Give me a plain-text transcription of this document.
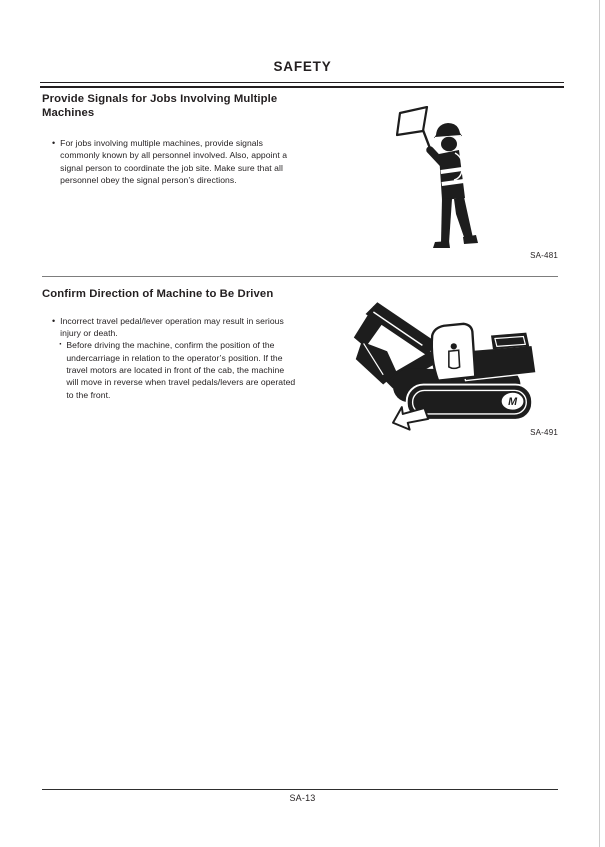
SAFETY
Provide Signals for Jobs Involving Multiple Machines
• For jobs involving multiple machines, provide signals commonly known by all personnel involved. Also, appoint a signal person to coordinate the job site. Make sure that all personnel obey the signal person’s directions.

SA-481
Confirm Direction of Machine to Be Driven
• Incorrect travel pedal/lever operation may result in serious injury or death.

· Before driving the machine, confirm the position of the undercarriage in relation to the operator’s position. If the travel motors are located in front of the cab, the machine will move in reverse when travel pedals/levers are operated to the front.

M
SA-491
SA-13
